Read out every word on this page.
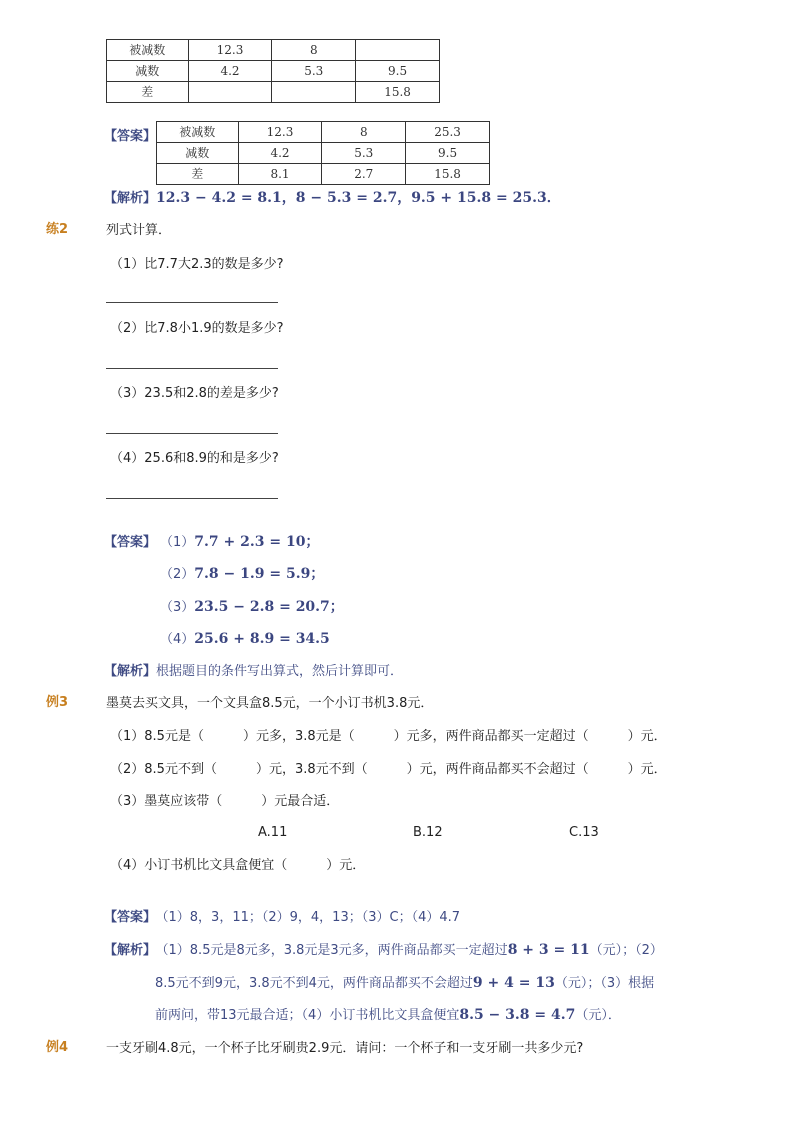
被减数	12.3	8	
减数	4.2	5.3	9.5
差			15.8
【答案】 被减数	12.3	8	25.3
减数	4.2	5.3	9.5
差	8.1	2.7	15.8
【解析】12.3 − 4.2 = 8.1，8 − 5.3 = 2.7，9.5 + 15.8 = 25.3．
练2	列式计算．
（1）比7.7大2.3的数是多少?
（2）比7.8小1.9的数是多少?
（3）23.5和2.8的差是多少?
（4）25.6和8.9的和是多少?
【答案】 （1）7.7 + 2.3 = 10；
（2）7.8 − 1.9 = 5.9；
（3）23.5 − 2.8 = 20.7；
（4）25.6 + 8.9 = 34.5
【解析】根据题目的条件写出算式，然后计算即可．
例3	墨莫去买文具，一个文具盒8.5元，一个小订书机3.8元．
（1）8.5元是（　　　）元多，3.8元是（　　　）元多，两件商品都买一定超过（　　　）元．
（2）8.5元不到（　　　）元，3.8元不到（　　　）元，两件商品都买不会超过（　　　）元．
（3）墨莫应该带（　　　）元最合适．
A.11	B.12	C.13
（4）小订书机比文具盒便宜（　　　）元．
【答案】 （1）8，3，11；（2）9，4，13；（3）C；（4）4.7
【解析】 （1）8.5元是8元多，3.8元是3元多，两件商品都买一定超过8 + 3 = 11（元）；（2）
8.5元不到9元，3.8元不到4元，两件商品都买不会超过9 + 4 = 13（元）；（3）根据
前两问，带13元最合适；（4）小订书机比文具盒便宜8.5 − 3.8 = 4.7（元）．
例4	一支牙刷4.8元，一个杯子比牙刷贵2.9元．请问：一个杯子和一支牙刷一共多少元?
